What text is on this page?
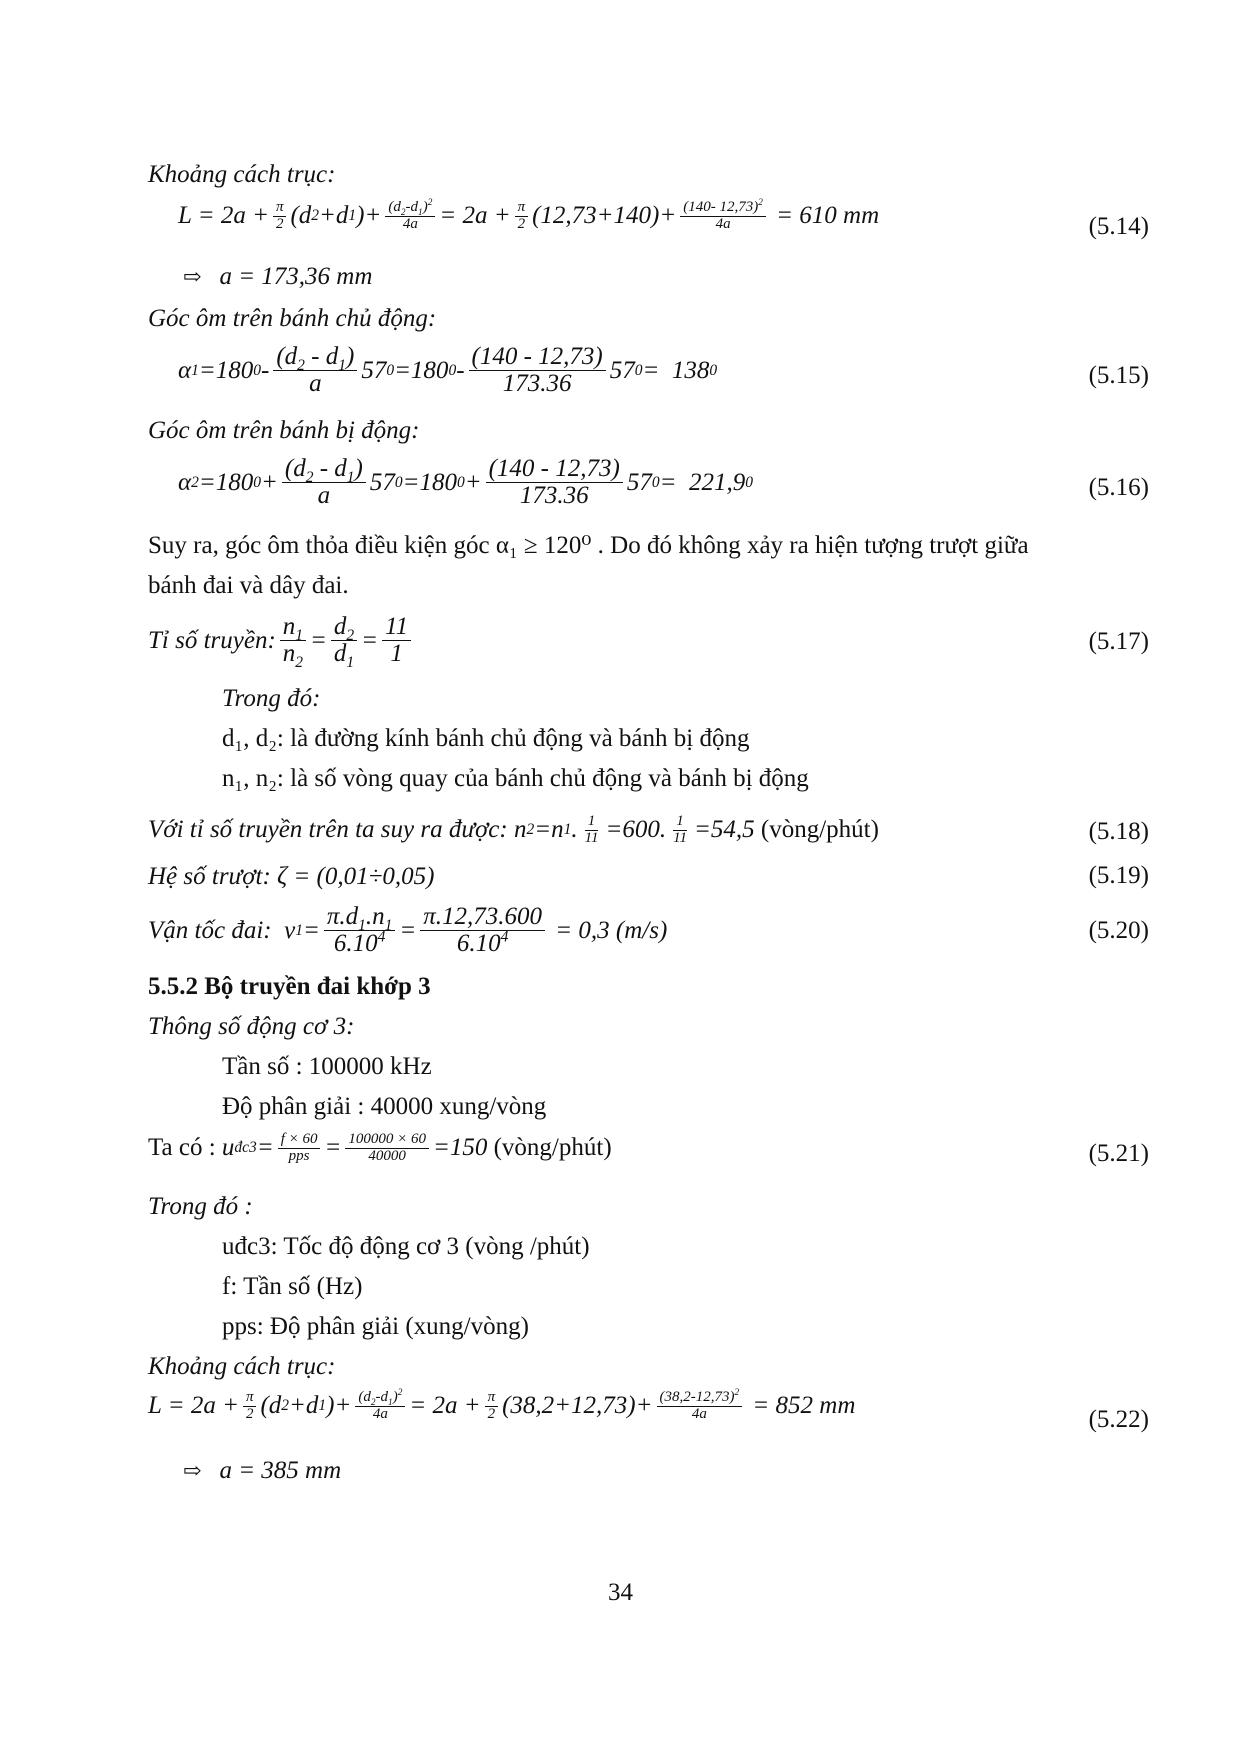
Khoảng cách trục:
$L = 2a + \frac{\pi}{2} (d$ 2 +d 1 )+ $\frac{(d_2-d_1)^2}{4a} = 2a + \frac{\pi}{2} (12,73+140)+ \frac{(140- 12,73)^2}{4a}$
= 610 mm	(5.14)
⇨ a = 173,36 mm
Góc ôm trên bánh chủ động:
α 1 =180 $0 - \frac{(d_2 - d_1)}{a} 57$ 0 =180 $0 - \frac{(140 - 12,73)}{173.36} 57$ 0 = 138 0	(5.15)
Góc ôm trên bánh bị động:
α 2 =180 $0 + \frac{(d_2 - d_1)}{a} 57$ 0 =180 $0 + \frac{(140 - 12,73)}{173.36} 57$ 0 = 221,9 0	(5.16)
Suy ra, góc ôm thỏa điều kiện góc α₁ ≥ 120⁰ . Do đó không xảy ra hiện tượng trượt giữa
bánh đai và dây đai.
Tỉ số truyền: $\frac{n_1}{n_2} = \frac{d_2}{d_1} = \frac{11}{1}$	(5.17)
Trong đó:
d₁, d₂: là đường kính bánh chủ động và bánh bị động
n₁, n₂: là số vòng quay của bánh chủ động và bánh bị động
Với tỉ số truyền trên ta suy ra được: n 2 =n 1 . $\frac{1}{11} =600$. $\frac{1}{11} =54,5$ (vòng/phút)	(5.18)
Hệ số trượt: ζ = (0,01÷0,05)	(5.19)
Vận tốc đai: v $1 = \frac{\pi.d_1.n_1}{6.10^4} = \frac{\pi.12,73.600}{6.10^4}$
= 0,3 (m/s)	(5.20)
5.5.2 Bộ truyền đai khớp 3
Thông số động cơ 3:
Tần số : 100000 kHz
Độ phân giải : 40000 xung/vòng
Ta có : u đc3 = $\frac{f \times 60}{\text{pps}} = \frac{100000 \times 60}{40000} =150$ (vòng/phút)	(5.21)
Trong đó :
uđc3: Tốc độ động cơ 3 (vòng /phút)
f: Tần số (Hz)
pps: Độ phân giải (xung/vòng)
Khoảng cách trục:
$L = 2a + \frac{\pi}{2} (d$ 2 +d 1 )+ $\frac{(d_2-d_1)^2}{4a} = 2a + \frac{\pi}{2} (38,2+12,73)+ \frac{(38,2-12,73)^2}{4a}$
= 852 mm
(5.22)
⇨ a = 385 mm
34
